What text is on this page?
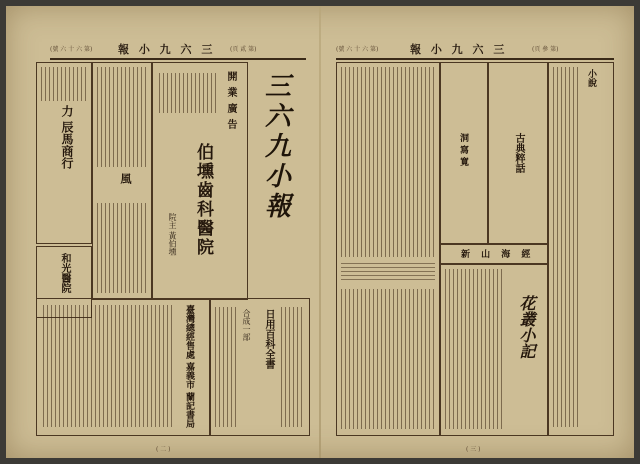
(號 六 十 六 第) 報 小 九 六 三 (頁 貳 第)	(號 六 十 六 第)	報 小 九 六 三	(頁 參 第)
力 辰馬商行
和光醫院
風
開業廣告
伯壎齒科醫院
院主 黃伯壎
三
六
九
小
報
臺灣總經售處 嘉義市 蘭記書局	日用百科全書
合成一部
洞 寫 寬	古典粹話
小說
新 山 海 經
花叢小記
( 二 )	( 三 )
